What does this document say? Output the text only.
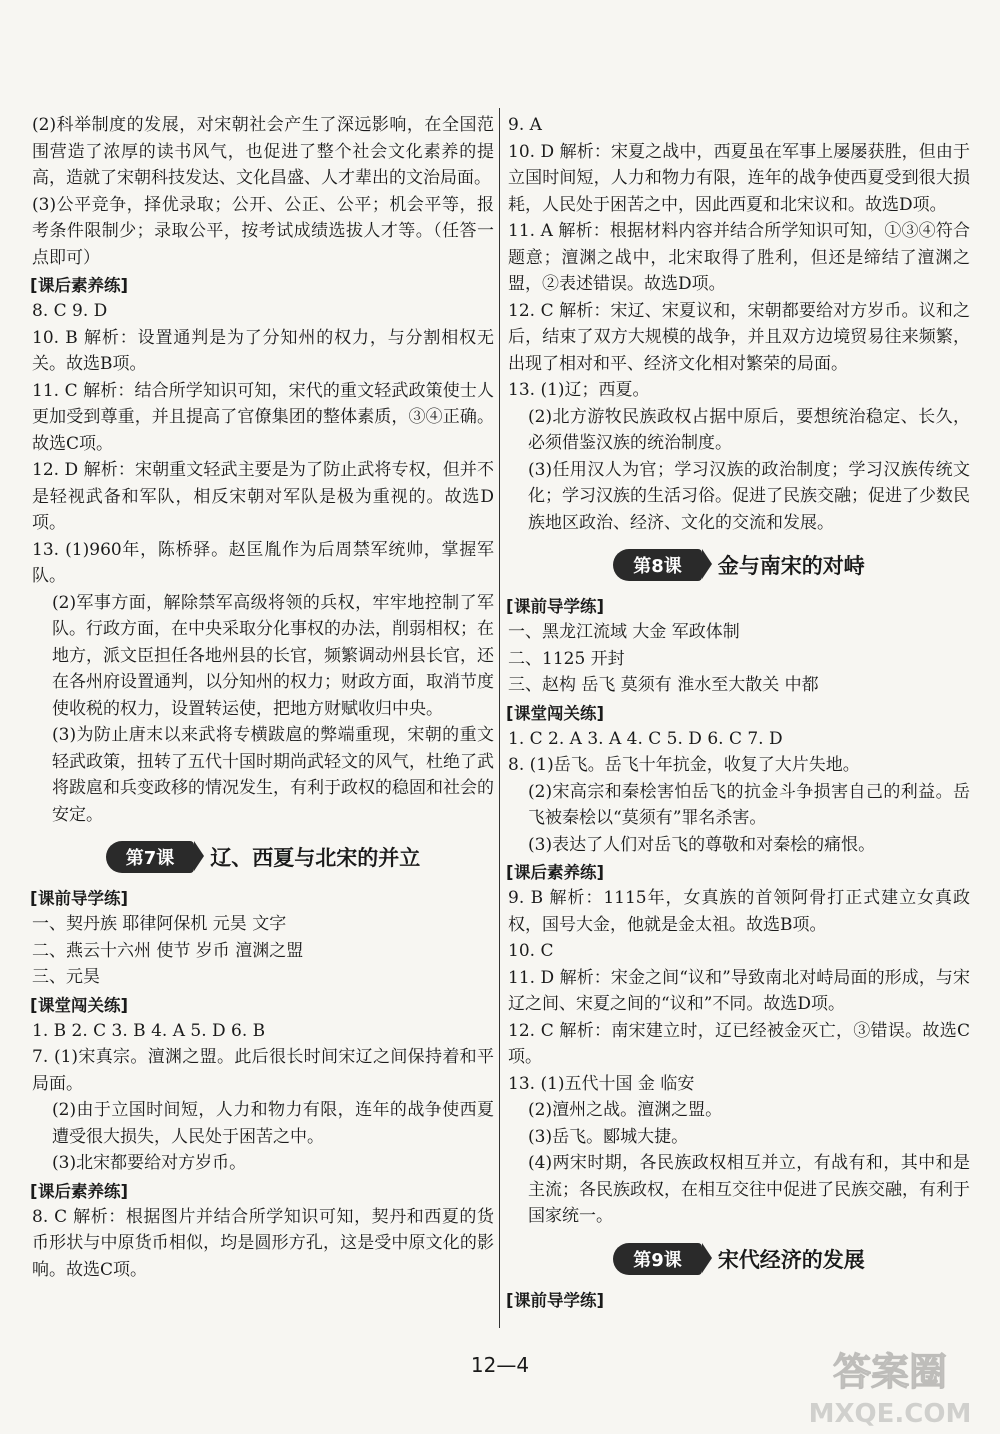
(2)科举制度的发展，对宋朝社会产生了深远影响，在全国范围营造了浓厚的读书风气，也促进了整个社会文化素养的提高，造就了宋朝科技发达、文化昌盛、人才辈出的文治局面。

(3)公平竞争，择优录取；公开、公正、公平；机会平等，报考条件限制少；录取公平，按考试成绩选拔人才等。（任答一点即可）

[ 课后素养练 ]

8. C 9. D

10. B 解析：设置通判是为了分知州的权力，与分割相权无关。故选B项。

11. C 解析：结合所学知识可知，宋代的重文轻武政策使士人更加受到尊重，并且提高了官僚集团的整体素质，③④正确。故选C项。

12. D 解析：宋朝重文轻武主要是为了防止武将专权，但并不是轻视武备和军队，相反宋朝对军队是极为重视的。故选D项。

13. (1)960年，陈桥驿。赵匡胤作为后周禁军统帅，掌握军队。

(2)军事方面，解除禁军高级将领的兵权，牢牢地控制了军队。行政方面，在中央采取分化事权的办法，削弱相权；在地方，派文臣担任各地州县的长官，频繁调动州县长官，还在各州府设置通判，以分知州的权力；财政方面，取消节度使收税的权力，设置转运使，把地方财赋收归中央。

(3)为防止唐末以来武将专横跋扈的弊端重现，宋朝的重文轻武政策，扭转了五代十国时期尚武轻文的风气，杜绝了武将跋扈和兵变政移的情况发生，有利于政权的稳固和社会的安定。

第7课	辽、西夏与北宋的并立
[ 课前导学练 ]

一、契丹族 耶律阿保机 元昊 文字

二、燕云十六州 使节 岁币 澶渊之盟

三、元昊

[ 课堂闯关练 ]

1. B 2. C 3. B 4. A 5. D 6. B

7. (1)宋真宗。澶渊之盟。此后很长时间宋辽之间保持着和平局面。

(2)由于立国时间短，人力和物力有限，连年的战争使西夏遭受很大损失，人民处于困苦之中。

(3)北宋都要给对方岁币。

[ 课后素养练 ]

8. C 解析：根据图片并结合所学知识可知，契丹和西夏的货币形状与中原货币相似，均是圆形方孔，这是受中原文化的影响。故选C项。

9. A

10. D 解析：宋夏之战中，西夏虽在军事上屡屡获胜，但由于立国时间短，人力和物力有限，连年的战争使西夏受到很大损耗，人民处于困苦之中，因此西夏和北宋议和。故选D项。

11. A 解析：根据材料内容并结合所学知识可知，①③④符合题意；澶渊之战中，北宋取得了胜利，但还是缔结了澶渊之盟，②表述错误。故选D项。

12. C 解析：宋辽、宋夏议和，宋朝都要给对方岁币。议和之后，结束了双方大规模的战争，并且双方边境贸易往来频繁，出现了相对和平、经济文化相对繁荣的局面。

13. (1)辽；西夏。

(2)北方游牧民族政权占据中原后，要想统治稳定、长久，必须借鉴汉族的统治制度。

(3)任用汉人为官；学习汉族的政治制度；学习汉族传统文化；学习汉族的生活习俗。促进了民族交融；促进了少数民族地区政治、经济、文化的交流和发展。

第8课	金与南宋的对峙
[ 课前导学练 ]

一、黑龙江流域 大金 军政体制

二、1125 开封

三、赵构 岳飞 莫须有 淮水至大散关 中都

[ 课堂闯关练 ]

1. C 2. A 3. A 4. C 5. D 6. C 7. D

8. (1)岳飞。岳飞十年抗金，收复了大片失地。

(2)宋高宗和秦桧害怕岳飞的抗金斗争损害自己的利益。岳飞被秦桧以“莫须有”罪名杀害。

(3)表达了人们对岳飞的尊敬和对秦桧的痛恨。

[ 课后素养练 ]

9. B 解析：1115年，女真族的首领阿骨打正式建立女真政权，国号大金，他就是金太祖。故选B项。

10. C

11. D 解析：宋金之间“议和”导致南北对峙局面的形成，与宋辽之间、宋夏之间的“议和”不同。故选D项。

12. C 解析：南宋建立时，辽已经被金灭亡，③错误。故选C项。

13. (1)五代十国 金 临安

(2)澶州之战。澶渊之盟。

(3)岳飞。郾城大捷。

(4)两宋时期，各民族政权相互并立，有战有和，其中和是主流；各民族政权，在相互交往中促进了民族交融，有利于国家统一。

第9课	宋代经济的发展
[ 课前导学练 ]
12—4	答案圈
MXQE.COM
